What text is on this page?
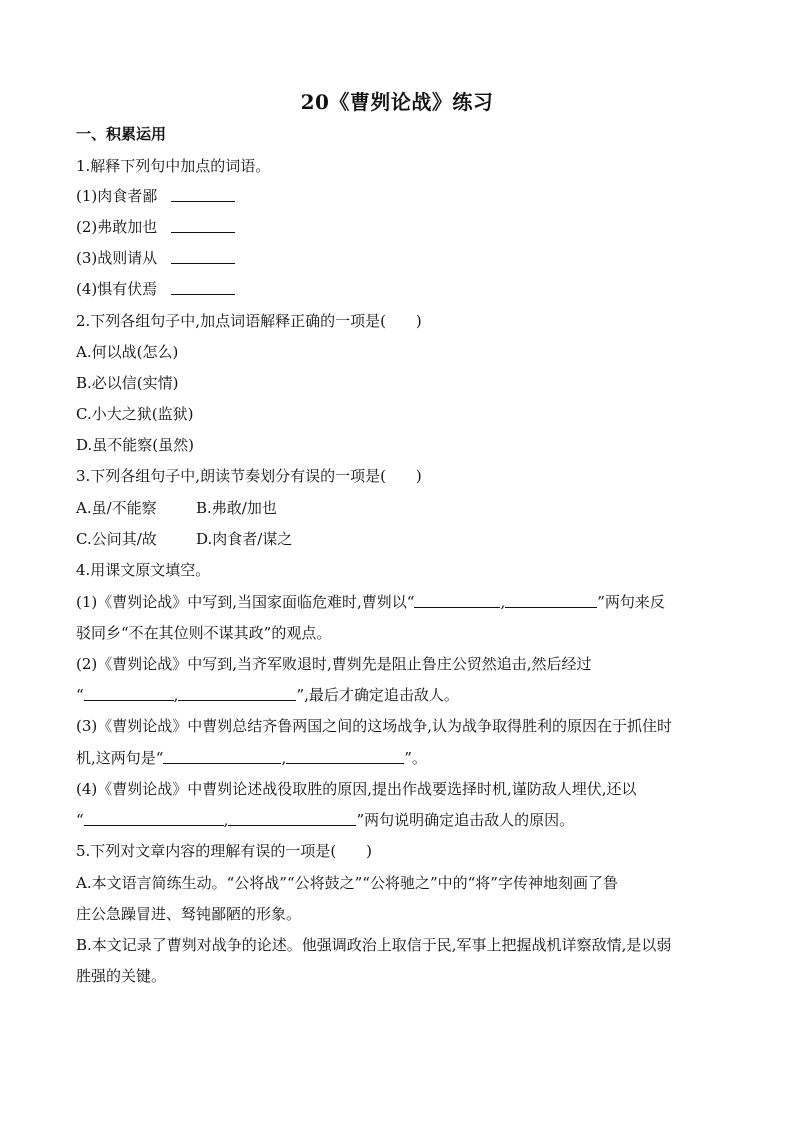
20《曹刿论战》练习
一、积累运用
1.解释下列句中加点的词语。
(1)肉食者鄙
(2)弗敢加也
(3)战则请从
(4)惧有伏焉
2.下列各组句子中,加点词语解释正确的一项是(　　)
A.何以战(怎么)
B.必以信(实情)
C.小大之狱(监狱)
D.虽不能察(虽然)
3.下列各组句子中,朗读节奏划分有误的一项是(　　)
A.虽/不能察	B.弗敢/加也
C.公问其/故	D.肉食者/谋之
4.用课文原文填空。
(1)《曹刿论战》中写到,当国家面临危难时,曹刿以“	,	”两句来反
驳同乡“不在其位则不谋其政”的观点。
(2)《曹刿论战》中写到,当齐军败退时,曹刿先是阻止鲁庄公贸然追击,然后经过
“	,	”,最后才确定追击敌人。
(3)《曹刿论战》中曹刿总结齐鲁两国之间的这场战争,认为战争取得胜利的原因在于抓住时
机,这两句是“	,	”。
(4)《曹刿论战》中曹刿论述战役取胜的原因,提出作战要选择时机,谨防敌人埋伏,还以
“	,	”两句说明确定追击敌人的原因。
5.下列对文章内容的理解有误的一项是(　　)
A.本文语言简练生动。“公将战”“公将鼓之”“公将驰之”中的“将”字传神地刻画了鲁
庄公急躁冒进、驽钝鄙陋的形象。
B.本文记录了曹刿对战争的论述。他强调政治上取信于民,军事上把握战机详察敌情,是以弱
胜强的关键。
